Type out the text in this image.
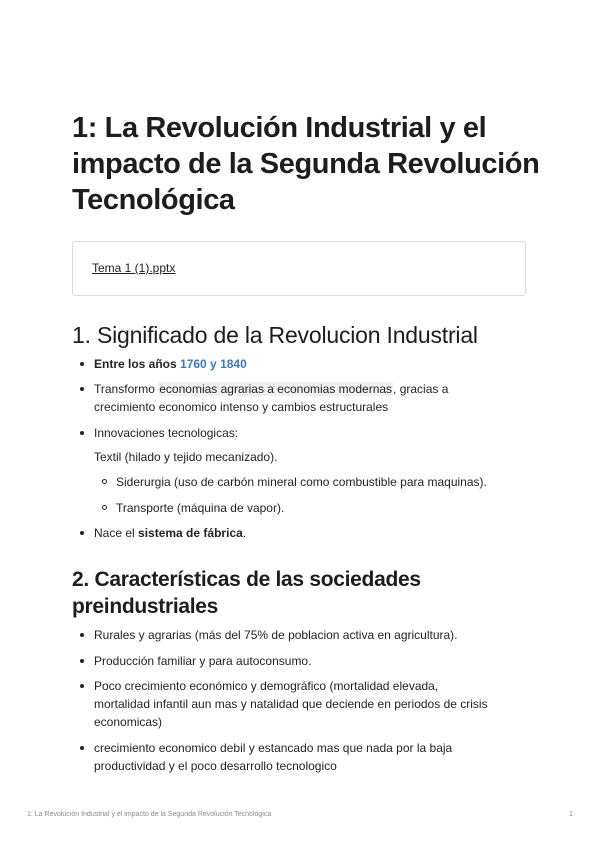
1: La Revolución Industrial y el impacto de la Segunda Revolución Tecnológica
Tema 1 (1).pptx
1. Significado de la Revolucion Industrial
Entre los años 1760 y 1840
Transformo economias agrarias a economias modernas, gracias a
crecimiento economico intenso y cambios estructurales
Innovaciones tecnologicas:
Textil (hilado y tejido mecanizado).
Siderurgia (uso de carbón mineral como combustible para maquinas).
Transporte (máquina de vapor).
Nace el sistema de fábrica.
2. Características de las sociedades
preindustriales
Rurales y agrarias (más del 75% de poblacion activa en agricultura).
Producción familiar y para autoconsumo.
Poco crecimiento económico y demográfico (mortalidad elevada,
mortalidad infantil aun mas y natalidad que deciende en periodos de crisis
economicas)
crecimiento economico debil y estancado mas que nada por la baja
productividad y el poco desarrollo tecnologico
1: La Revolución Industrial y el impacto de la Segunda Revolución Tecnológica	1
